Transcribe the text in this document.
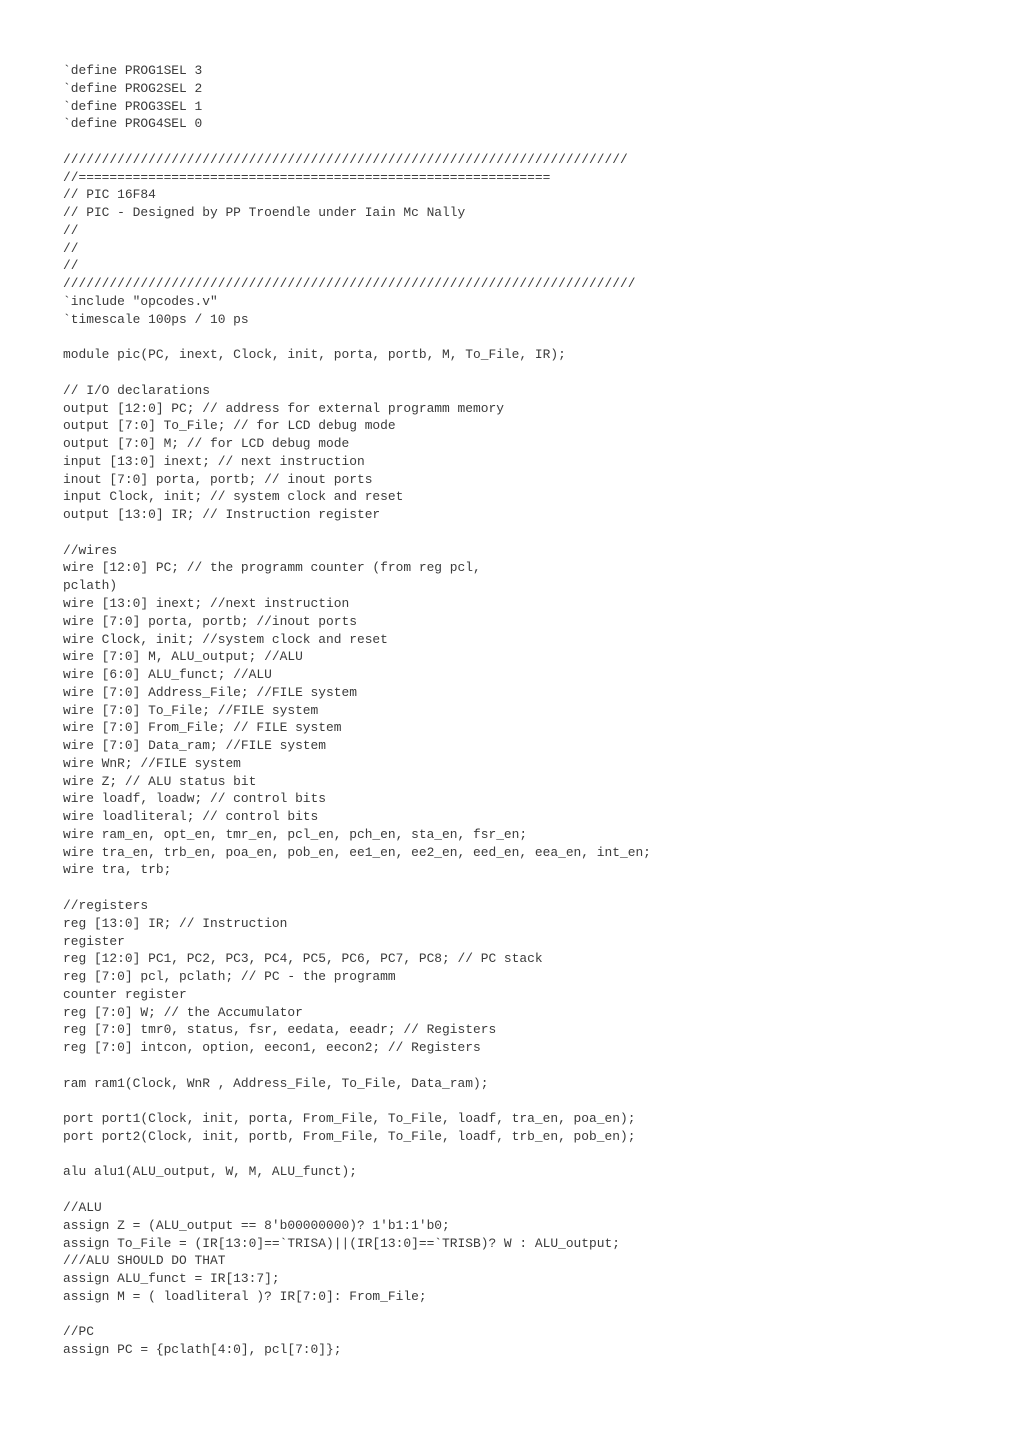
`define PROG1SEL 3
`define PROG2SEL 2
`define PROG3SEL 1
`define PROG4SEL 0
/////////////////////////////////////////////////////////////////////////
//=============================================================
// PIC 16F84
// PIC - Designed by PP Troendle under Iain Mc Nally
//
//
//
//////////////////////////////////////////////////////////////////////////
`include "opcodes.v"
`timescale 100ps / 10 ps
module pic(PC, inext, Clock, init, porta, portb, M, To_File, IR);
// I/O declarations
output [12:0] PC; // address for external programm memory
output [7:0] To_File; // for LCD debug mode
output [7:0] M; // for LCD debug mode
input [13:0] inext; // next instruction
inout [7:0] porta, portb; // inout ports
input Clock, init; // system clock and reset
output [13:0] IR; // Instruction register
//wires
wire [12:0] PC; // the programm counter (from reg pcl,
pclath)
wire [13:0] inext; //next instruction
wire [7:0] porta, portb; //inout ports
wire Clock, init; //system clock and reset
wire [7:0] M, ALU_output; //ALU
wire [6:0] ALU_funct; //ALU
wire [7:0] Address_File; //FILE system
wire [7:0] To_File; //FILE system
wire [7:0] From_File; // FILE system
wire [7:0] Data_ram; //FILE system
wire WnR; //FILE system
wire Z; // ALU status bit
wire loadf, loadw; // control bits
wire loadliteral; // control bits
wire ram_en, opt_en, tmr_en, pcl_en, pch_en, sta_en, fsr_en;
wire tra_en, trb_en, poa_en, pob_en, ee1_en, ee2_en, eed_en, eea_en, int_en;
wire tra, trb;
//registers
reg [13:0] IR; // Instruction
register
reg [12:0] PC1, PC2, PC3, PC4, PC5, PC6, PC7, PC8; // PC stack
reg [7:0] pcl, pclath; // PC - the programm
counter register
reg [7:0] W; // the Accumulator
reg [7:0] tmr0, status, fsr, eedata, eeadr; // Registers
reg [7:0] intcon, option, eecon1, eecon2; // Registers
ram ram1(Clock, WnR , Address_File, To_File, Data_ram);
port port1(Clock, init, porta, From_File, To_File, loadf, tra_en, poa_en);
port port2(Clock, init, portb, From_File, To_File, loadf, trb_en, pob_en);
alu alu1(ALU_output, W, M, ALU_funct);
//ALU
assign Z = (ALU_output == 8'b00000000)? 1'b1:1'b0;
assign To_File = (IR[13:0]==`TRISA)||(IR[13:0]==`TRISB)? W : ALU_output;
///ALU SHOULD DO THAT
assign ALU_funct = IR[13:7];
assign M = ( loadliteral )? IR[7:0]: From_File;
//PC
assign PC = {pclath[4:0], pcl[7:0]};
